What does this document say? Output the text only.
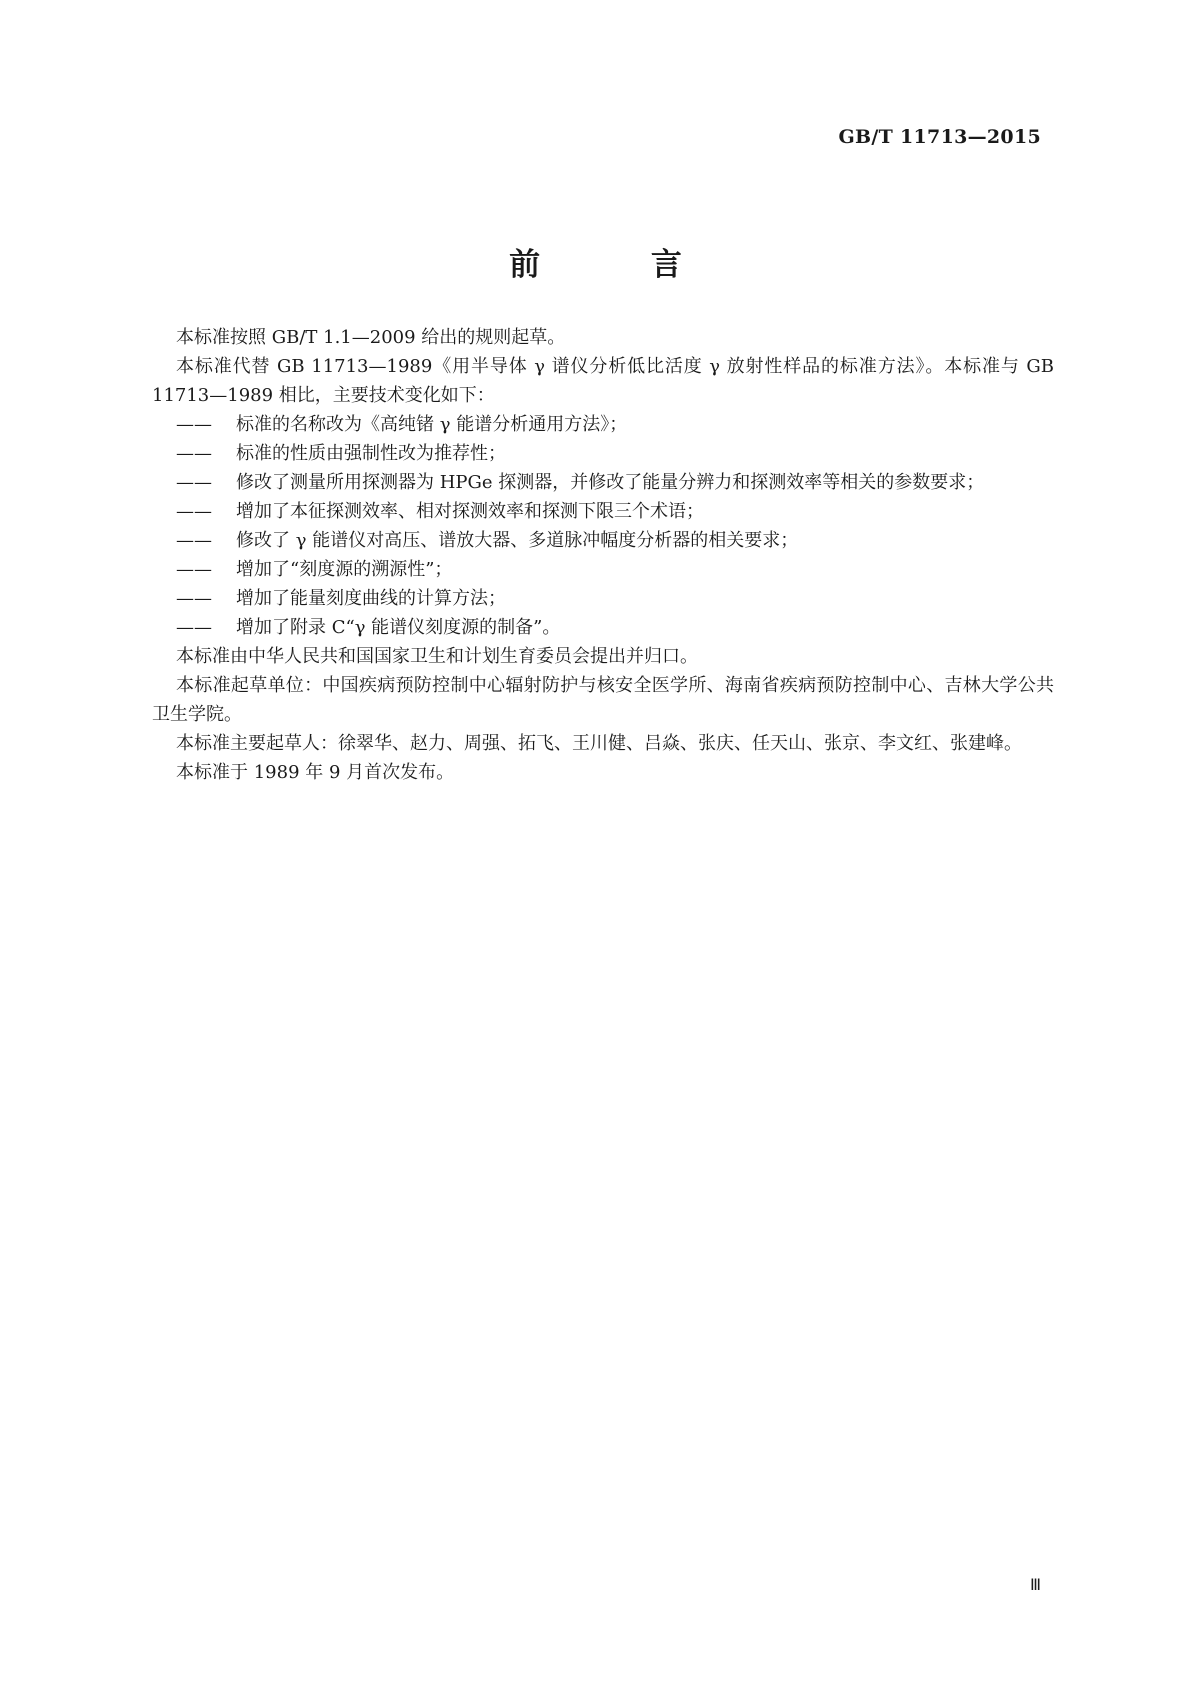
GB/T 11713—2015
前 言

本标准按照 GB/T 1.1—2009 给出的规则起草。

本标准代替 GB 11713—1989《用半导体 γ 谱仪分析低比活度 γ 放射性样品的标准方法》。本标准与 GB 11713—1989 相比，主要技术变化如下：

——	标准的名称改为《高纯锗 γ 能谱分析通用方法》；
——	标准的性质由强制性改为推荐性；
——	修改了测量所用探测器为 HPGe 探测器，并修改了能量分辨力和探测效率等相关的参数要求；
——	增加了本征探测效率、相对探测效率和探测下限三个术语；
——	修改了 γ 能谱仪对高压、谱放大器、多道脉冲幅度分析器的相关要求；
——	增加了“刻度源的溯源性”；
——	增加了能量刻度曲线的计算方法；
——	增加了附录 C“γ 能谱仪刻度源的制备”。

本标准由中华人民共和国国家卫生和计划生育委员会提出并归口。

本标准起草单位：中国疾病预防控制中心辐射防护与核安全医学所、海南省疾病预防控制中心、吉林大学公共卫生学院。

本标准主要起草人：徐翠华、赵力、周强、拓飞、王川健、吕焱、张庆、任天山、张京、李文红、张建峰。

本标准于 1989 年 9 月首次发布。

Ⅲ
